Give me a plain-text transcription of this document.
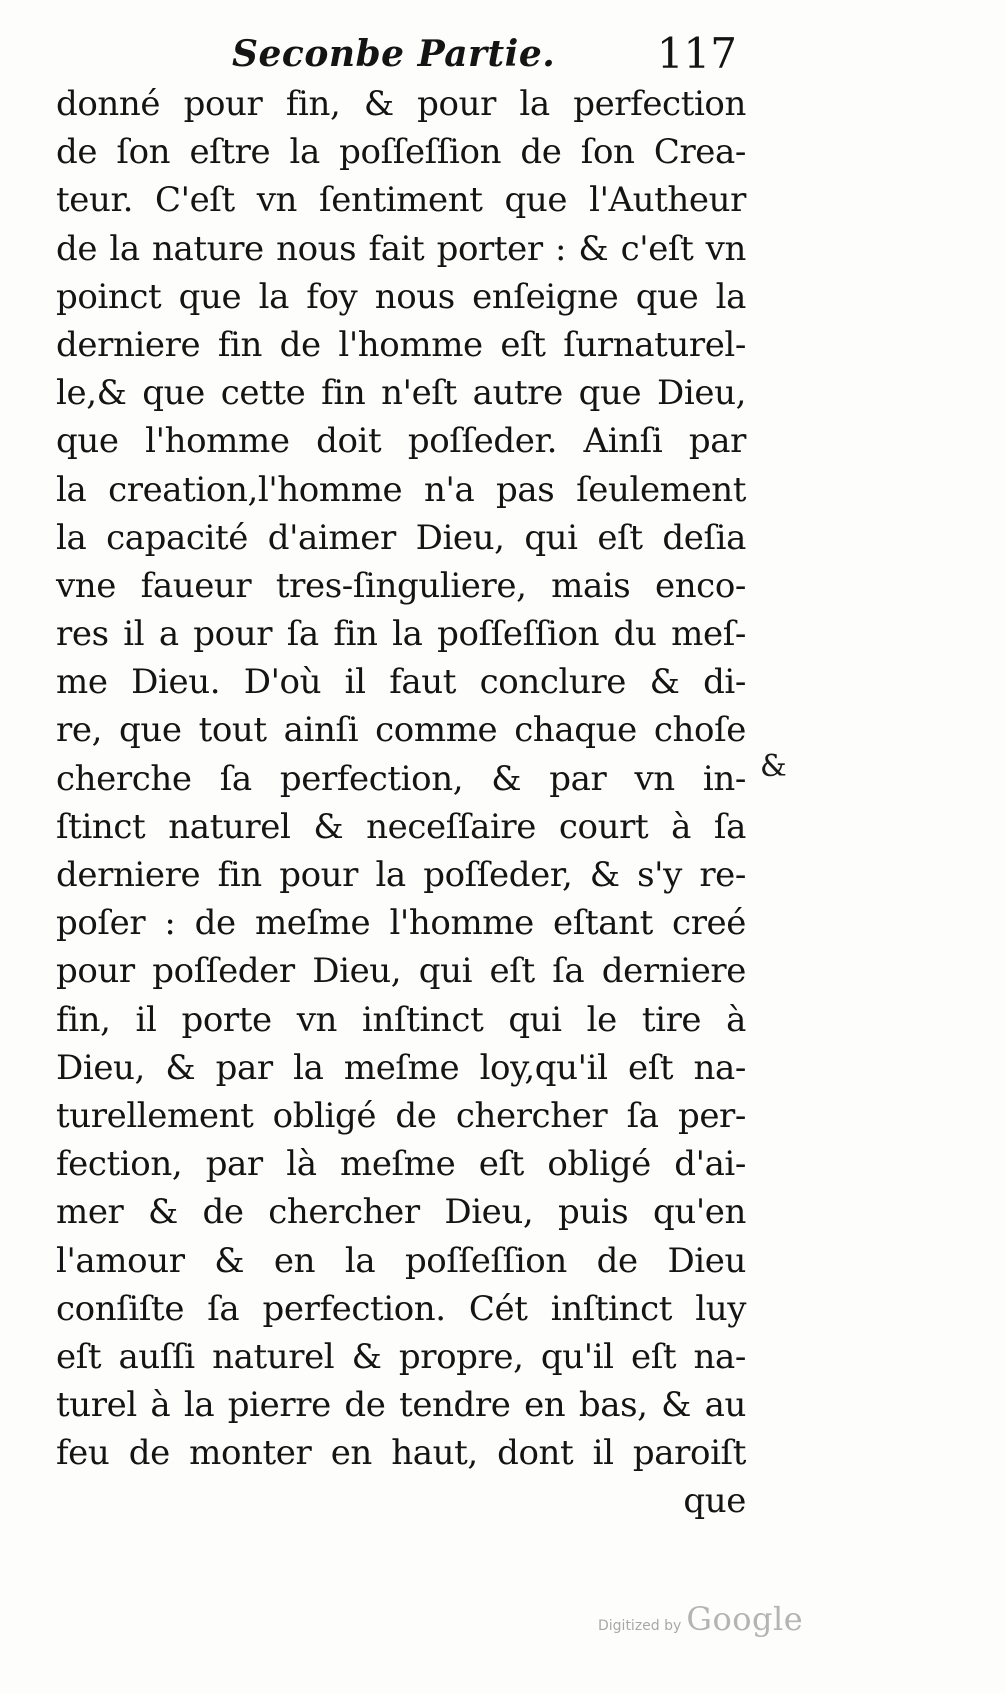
Seconbe Partie. 117
donné pour fin, & pour la perfection
de ſon eſtre la poſſeſſion de ſon Crea-
teur. C'eſt vn ſentiment que l'Autheur
de la nature nous fait porter : & c'eſt vn
poinct que la foy nous enſeigne que la
derniere fin de l'homme eſt ſurnaturel-
le,& que cette fin n'eſt autre que Dieu,
que l'homme doit poſſeder. Ainſi par
la creation,l'homme n'a pas ſeulement
la capacité d'aimer Dieu, qui eſt deſia
vne faueur tres-ſinguliere, mais enco-
res il a pour ſa fin la poſſeſſion du meſ-
me Dieu. D'où il faut conclure & di-
re, que tout ainſi comme chaque choſe
cherche ſa perfection, & par vn in-
ſtinct naturel & neceſſaire court à ſa
derniere fin pour la poſſeder, & s'y re-
poſer : de meſme l'homme eſtant creé
pour poſſeder Dieu, qui eſt ſa derniere
fin, il porte vn inſtinct qui le tire à
Dieu, & par la meſme loy,qu'il eſt na-
turellement obligé de chercher ſa per-
fection, par là meſme eſt obligé d'ai-
mer & de chercher Dieu, puis qu'en
l'amour & en la poſſeſſion de Dieu
conſiſte ſa perfection. Cét inſtinct luy
eſt auſſi naturel & propre, qu'il eſt na-
turel à la pierre de tendre en bas, & au
feu de monter en haut, dont il paroiſt
que
&
Digitized by Google
